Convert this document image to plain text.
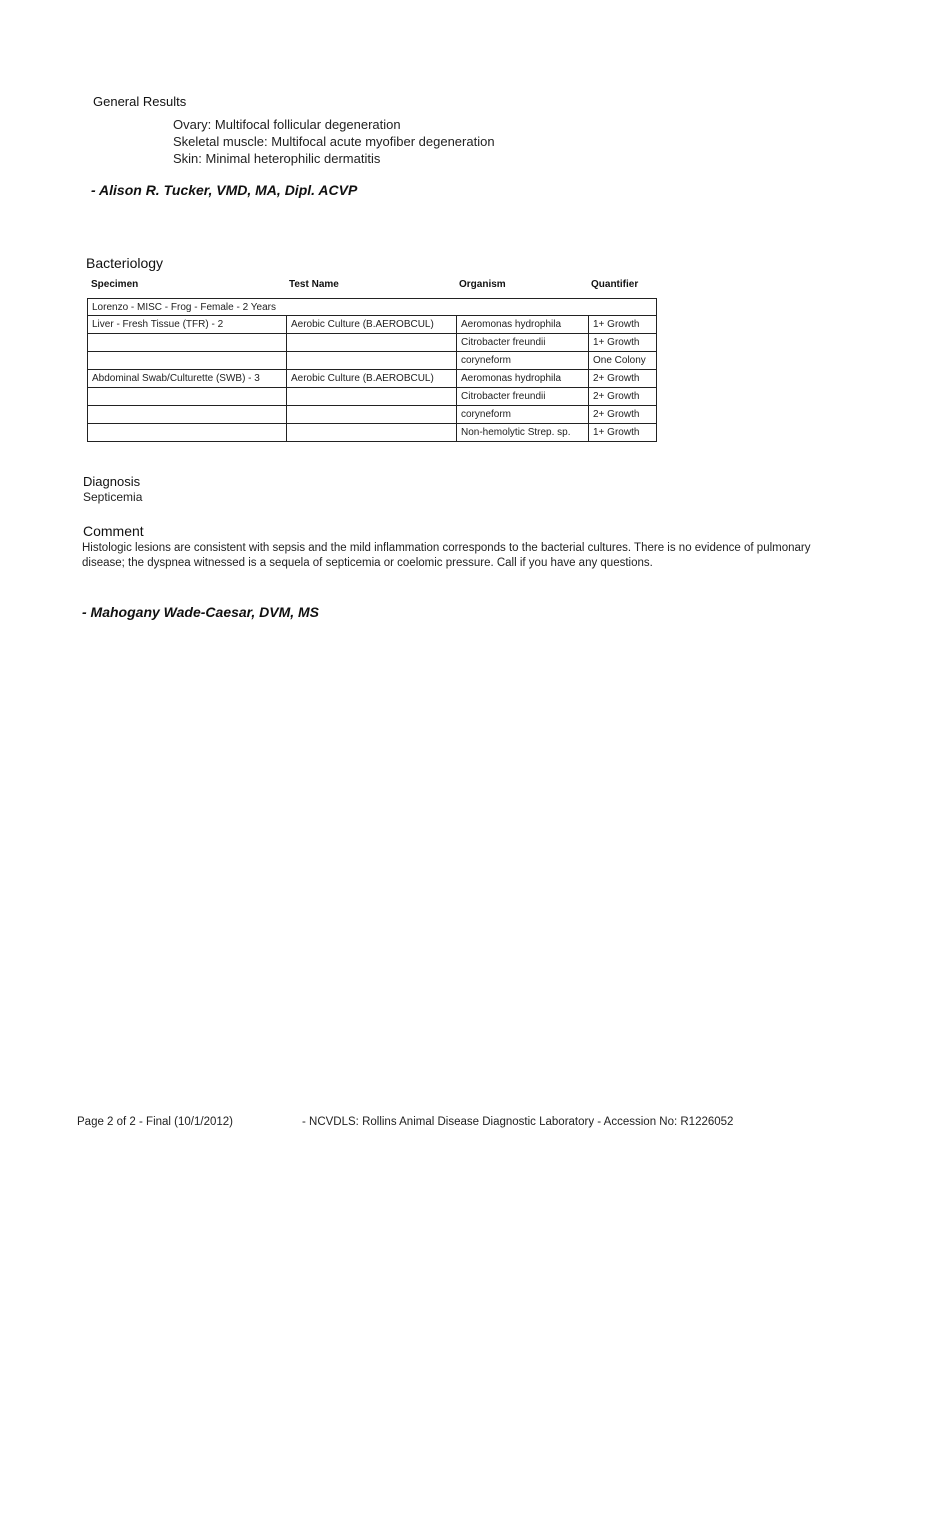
General Results
Ovary: Multifocal follicular degeneration
Skeletal muscle: Multifocal acute myofiber degeneration
Skin: Minimal heterophilic dermatitis
- Alison R. Tucker, VMD, MA, Dipl. ACVP
Bacteriology
Specimen	Test Name	Organism	Quantifier
Lorenzo - MISC - Frog - Female - 2 Years			
Liver - Fresh Tissue (TFR) - 2	Aerobic Culture (B.AEROBCUL)	Aeromonas hydrophila	1+ Growth
		Citrobacter freundii	1+ Growth
		coryneform	One Colony
Abdominal Swab/Culturette (SWB) - 3	Aerobic Culture (B.AEROBCUL)	Aeromonas hydrophila	2+ Growth
		Citrobacter freundii	2+ Growth
		coryneform	2+ Growth
		Non-hemolytic Strep. sp.	1+ Growth
Diagnosis
Septicemia
Comment
Histologic lesions are consistent with sepsis and the mild inflammation corresponds to the bacterial cultures. There is no evidence of pulmonary disease; the dyspnea witnessed is a sequela of septicemia or coelomic pressure. Call if you have any questions.
- Mahogany Wade-Caesar, DVM, MS
Page 2 of 2 - Final (10/1/2012)	- NCVDLS: Rollins Animal Disease Diagnostic Laboratory - Accession No: R1226052
